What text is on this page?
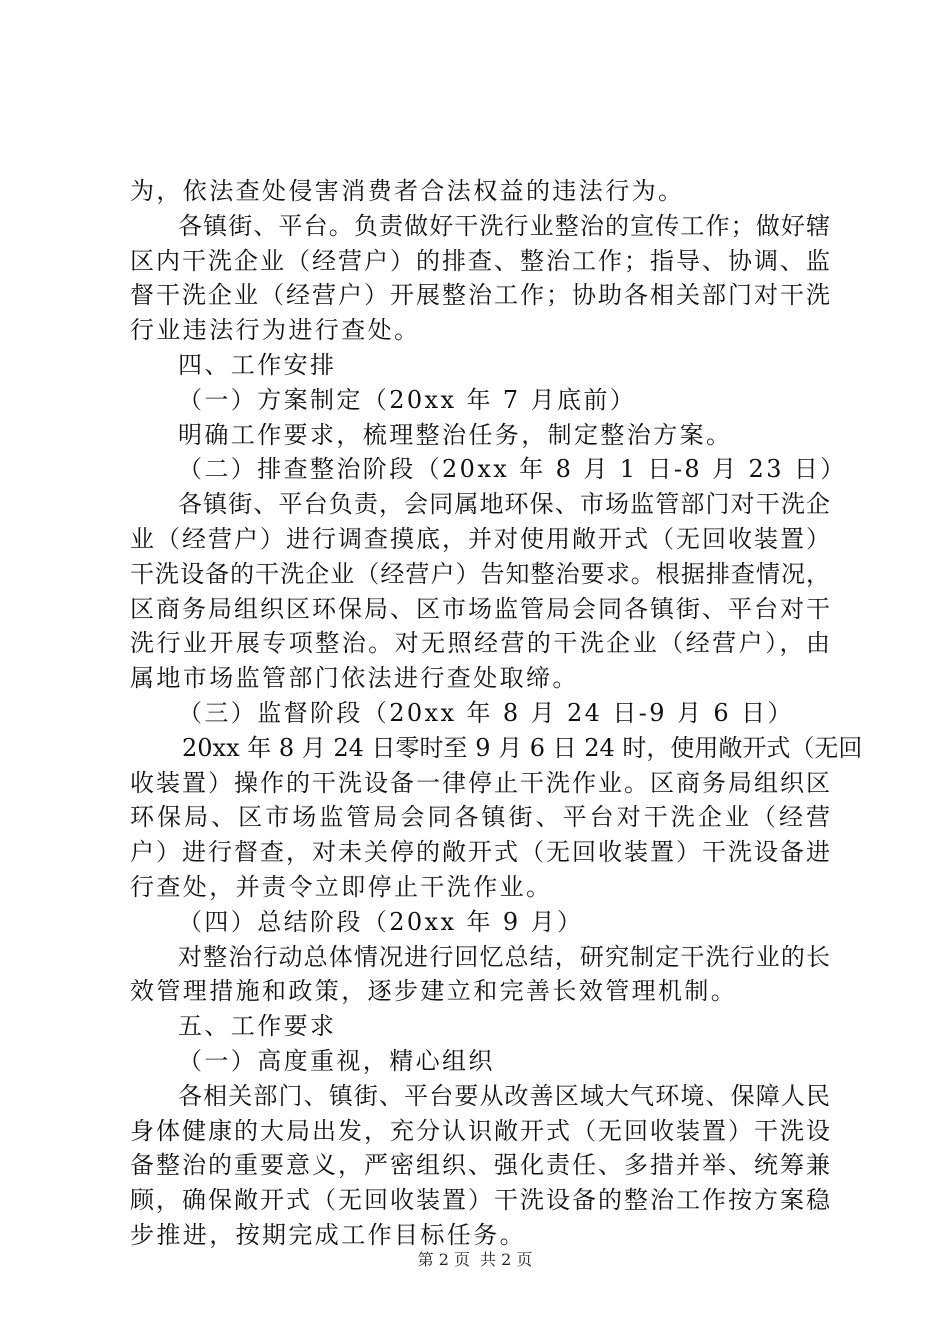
为，依法查处侵害消费者合法权益的违法行为。
各镇街、平台。负责做好干洗行业整治的宣传工作；做好辖
区内干洗企业（经营户）的排查、整治工作；指导、协调、监
督干洗企业（经营户）开展整治工作；协助各相关部门对干洗
行业违法行为进行查处。
四、工作安排
（一）方案制定（20xx 年 7 月底前）
明确工作要求，梳理整治任务，制定整治方案。
（二）排查整治阶段（20xx 年 8 月 1 日-8 月 23 日）
各镇街、平台负责，会同属地环保、市场监管部门对干洗企
业（经营户）进行调查摸底，并对使用敞开式（无回收装置）
干洗设备的干洗企业（经营户）告知整治要求。根据排查情况，
区商务局组织区环保局、区市场监管局会同各镇街、平台对干
洗行业开展专项整治。对无照经营的干洗企业（经营户），由
属地市场监管部门依法进行查处取缔。
（三）监督阶段（20xx 年 8 月 24 日-9 月 6 日）
20xx 年 8 月 24 日零时至 9 月 6 日 24 时，使用敞开式（无回
收装置）操作的干洗设备一律停止干洗作业。区商务局组织区
环保局、区市场监管局会同各镇街、平台对干洗企业（经营
户）进行督查，对未关停的敞开式（无回收装置）干洗设备进
行查处，并责令立即停止干洗作业。
（四）总结阶段（20xx 年 9 月）
对整治行动总体情况进行回忆总结，研究制定干洗行业的长
效管理措施和政策，逐步建立和完善长效管理机制。
五、工作要求
（一）高度重视，精心组织
各相关部门、镇街、平台要从改善区域大气环境、保障人民
身体健康的大局出发，充分认识敞开式（无回收装置）干洗设
备整治的重要意义，严密组织、强化责任、多措并举、统筹兼
顾，确保敞开式（无回收装置）干洗设备的整治工作按方案稳
步推进，按期完成工作目标任务。
第 2 页 共 2 页
